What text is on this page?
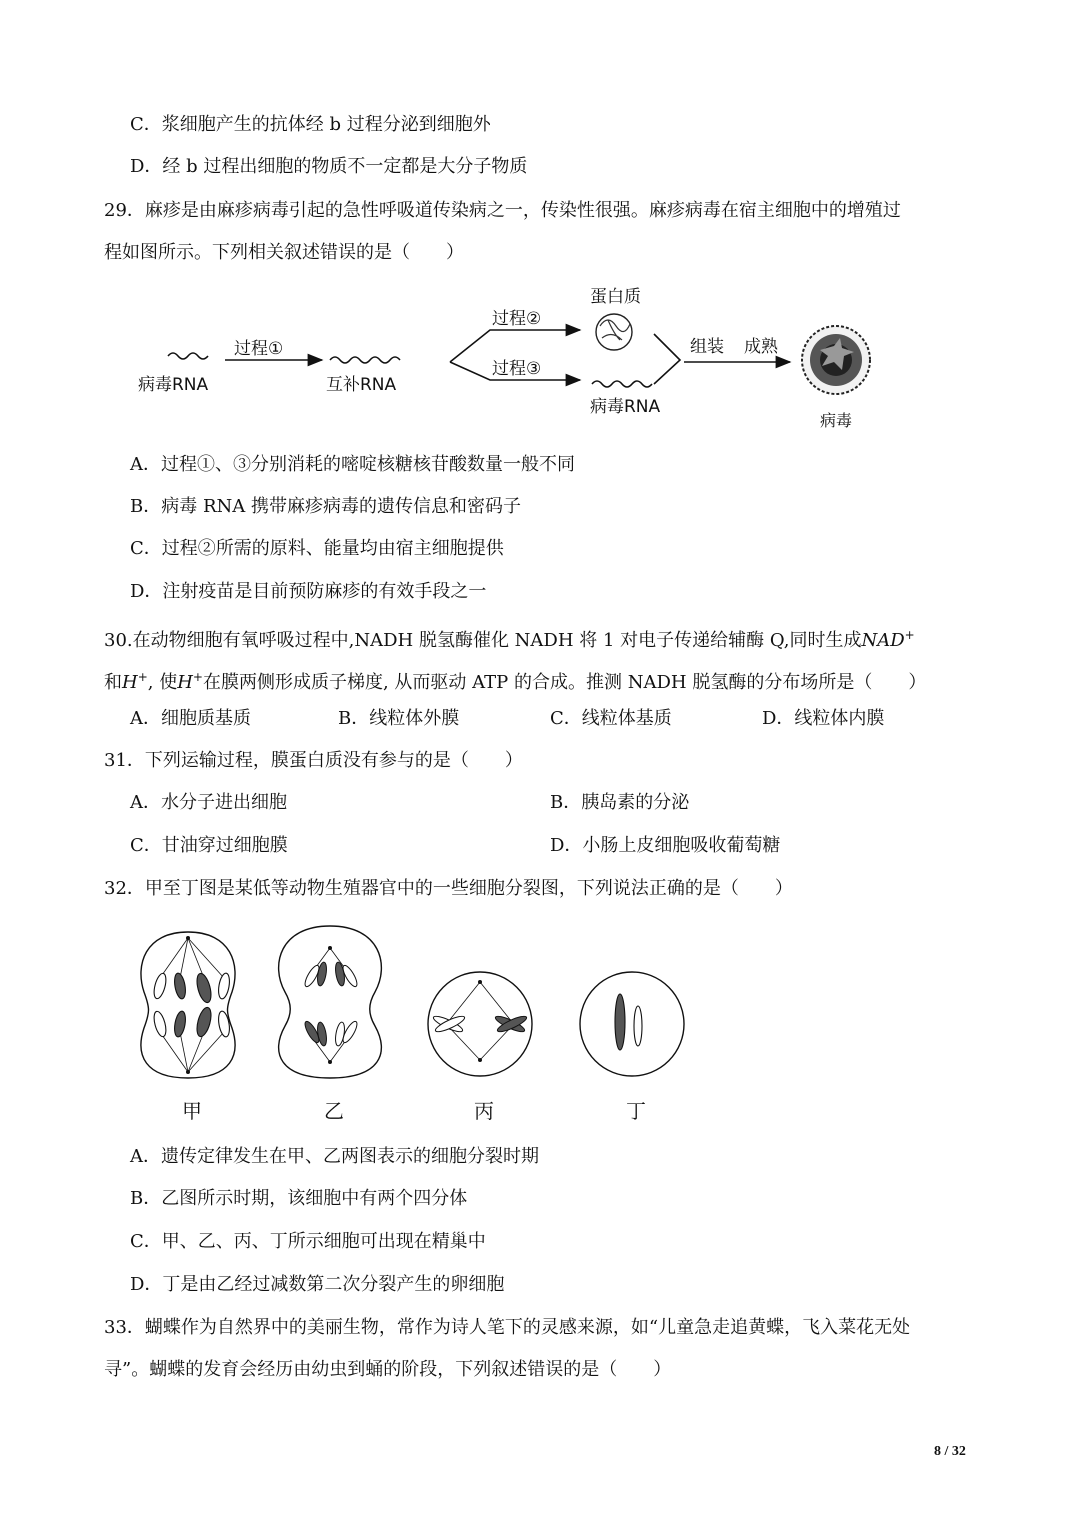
C．浆细胞产生的抗体经 b 过程分泌到细胞外
D．经 b 过程出细胞的物质不一定都是大分子物质
29．麻疹是由麻疹病毒引起的急性呼吸道传染病之一，传染性很强。麻疹病毒在宿主细胞中的增殖过
程如图所示。下列相关叙述错误的是（　　）
病毒RNA
过程①
互补RNA
过程②
过程③
蛋白质
病毒RNA
组装 成熟
病毒
A．过程①、③分别消耗的嘧啶核糖核苷酸数量一般不同
B．病毒 RNA 携带麻疹病毒的遗传信息和密码子
C．过程②所需的原料、能量均由宿主细胞提供
D．注射疫苗是目前预防麻疹的有效手段之一
30.在动物细胞有氧呼吸过程中,NADH 脱氢酶催化 NADH 将 1 对电子传递给辅酶 Q,同时生成NAD+
和H+, 使H+在膜两侧形成质子梯度, 从而驱动 ATP 的合成。推测 NADH 脱氢酶的分布场所是（　　）
A．细胞质基质	B．线粒体外膜	C．线粒体基质	D．线粒体内膜
31．下列运输过程，膜蛋白质没有参与的是（　　）
A．水分子进出细胞	B．胰岛素的分泌
C．甘油穿过细胞膜	D．小肠上皮细胞吸收葡萄糖
32．甲至丁图是某低等动物生殖器官中的一些细胞分裂图，下列说法正确的是（　　）
甲	乙	丙	丁
A．遗传定律发生在甲、乙两图表示的细胞分裂时期
B．乙图所示时期，该细胞中有两个四分体
C．甲、乙、丙、丁所示细胞可出现在精巢中
D．丁是由乙经过减数第二次分裂产生的卵细胞
33．蝴蝶作为自然界中的美丽生物，常作为诗人笔下的灵感来源，如“儿童急走追黄蝶，飞入菜花无处
寻”。蝴蝶的发育会经历由幼虫到蛹的阶段，下列叙述错误的是（　　）
8 / 32
